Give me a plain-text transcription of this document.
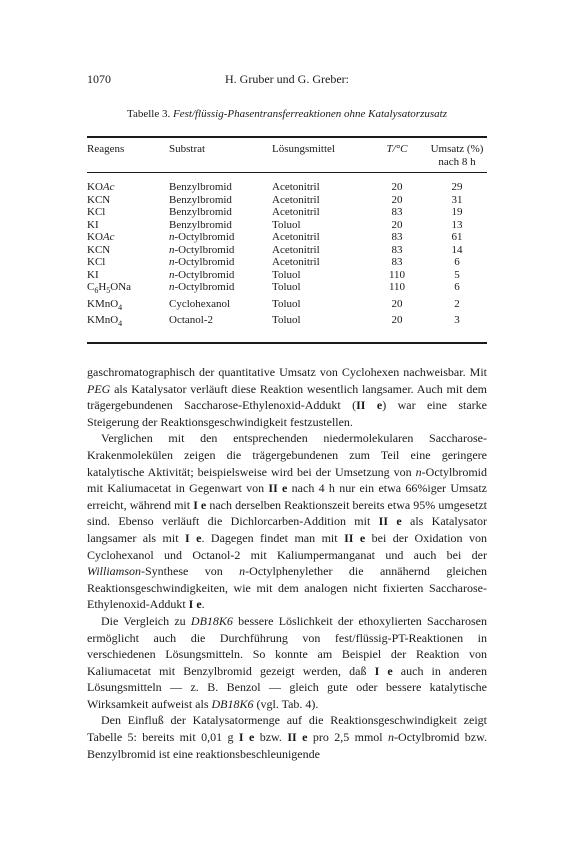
1070	H. Gruber und G. Greber:
Tabelle 3. Fest/flüssig-Phasentransferreaktionen ohne Katalysatorzusatz
Reagens	Substrat	Lösungsmittel	T/°C	Umsatz (%)
nach 8 h
KOAc	Benzylbromid	Acetonitril	20	29
KCN	Benzylbromid	Acetonitril	20	31
KCl	Benzylbromid	Acetonitril	83	19
KI	Benzylbromid	Toluol	20	13
KOAc	n-Octylbromid	Acetonitril	83	61
KCN	n-Octylbromid	Acetonitril	83	14
KCl	n-Octylbromid	Acetonitril	83	6
KI	n-Octylbromid	Toluol	110	5
$C_6H_5ONa$	n-Octylbromid	Toluol	110	6
KMnO$_4$	Cyclohexanol	Toluol	20	2
KMnO$_4$	Octanol-2	Toluol	20	3

gaschromatographisch der quantitative Umsatz von Cyclohexen nachweisbar. Mit PEG als Katalysator verläuft diese Reaktion wesentlich langsamer. Auch mit dem trägergebundenen Saccharose-Ethylenoxid-Addukt (II e) war eine starke Steigerung der Reaktionsgeschwindigkeit festzustellen.

Verglichen mit den entsprechenden niedermolekularen Saccharose-Krakenmolekülen zeigen die trägergebundenen zum Teil eine geringere katalytische Aktivität; beispielsweise wird bei der Umsetzung von n-Octylbromid mit Kaliumacetat in Gegenwart von II e nach 4 h nur ein etwa 66%iger Umsatz erreicht, während mit I e nach derselben Reaktionszeit bereits etwa 95% umgesetzt sind. Ebenso verläuft die Dichlorcarben-Addition mit II e als Katalysator langsamer als mit I e. Dagegen findet man mit II e bei der Oxidation von Cyclohexanol und Octanol-2 mit Kaliumpermanganat und auch bei der Williamson-Synthese von n-Octylphenylether die annähernd gleichen Reaktionsgeschwindigkeiten, wie mit dem analogen nicht fixierten Saccharose-Ethylenoxid-Addukt I e.

Die Vergleich zu DB18K6 bessere Löslichkeit der ethoxylierten Saccharosen ermöglicht auch die Durchführung von fest/flüssig-PT-Reaktionen in verschiedenen Lösungsmitteln. So konnte am Beispiel der Reaktion von Kaliumacetat mit Benzylbromid gezeigt werden, daß I e auch in anderen Lösungsmitteln — z. B. Benzol — gleich gute oder bessere katalytische Wirksamkeit aufweist als DB18K6 (vgl. Tab. 4).

Den Einfluß der Katalysatormenge auf die Reaktionsgeschwindigkeit zeigt Tabelle 5: bereits mit 0,01 g I e bzw. II e pro 2,5 mmol n-Octylbromid bzw. Benzylbromid ist eine reaktionsbeschleunigende
